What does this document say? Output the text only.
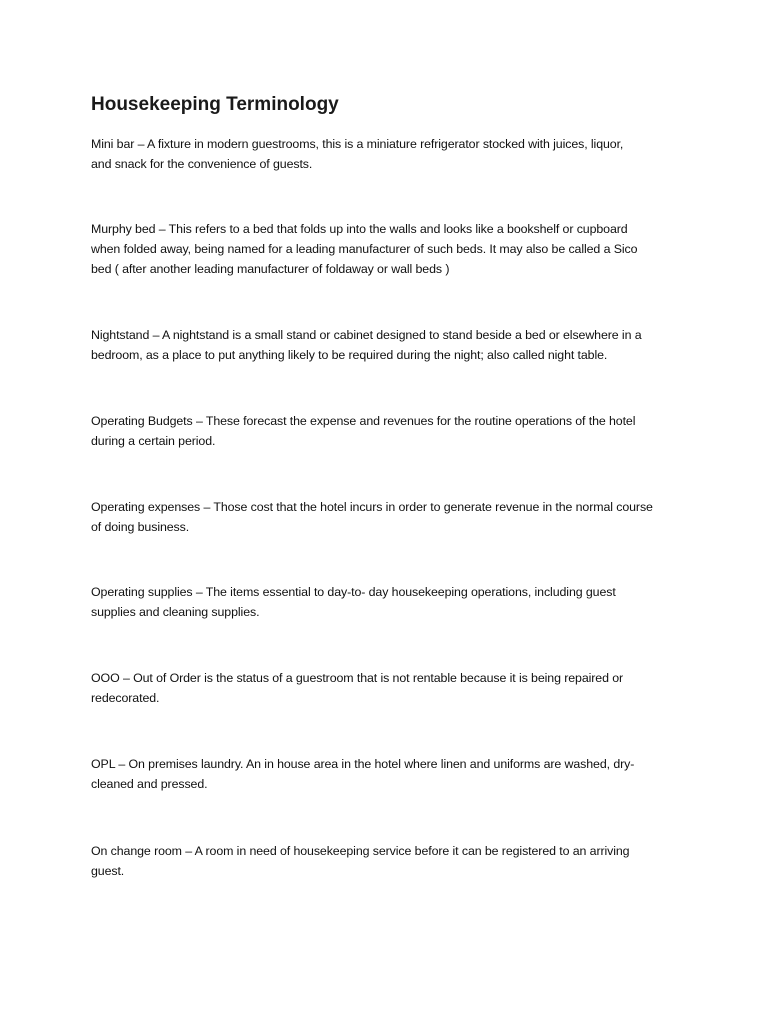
Housekeeping Terminology

Mini bar – A fixture in modern guestrooms, this is a miniature refrigerator stocked with juices, liquor,
and snack for the convenience of guests.

Murphy bed – This refers to a bed that folds up into the walls and looks like a bookshelf or cupboard
when folded away, being named for a leading manufacturer of such beds. It may also be called a Sico
bed ( after another leading manufacturer of foldaway or wall beds )

Nightstand – A nightstand is a small stand or cabinet designed to stand beside a bed or elsewhere in a
bedroom, as a place to put anything likely to be required during the night; also called night table.

Operating Budgets – These forecast the expense and revenues for the routine operations of the hotel
during a certain period.

Operating expenses – Those cost that the hotel incurs in order to generate revenue in the normal course
of doing business.

Operating supplies – The items essential to day-to- day housekeeping operations, including guest
supplies and cleaning supplies.

OOO – Out of Order is the status of a guestroom that is not rentable because it is being repaired or
redecorated.

OPL – On premises laundry. An in house area in the hotel where linen and uniforms are washed, dry-
cleaned and pressed.

On change room – A room in need of housekeeping service before it can be registered to an arriving
guest.
